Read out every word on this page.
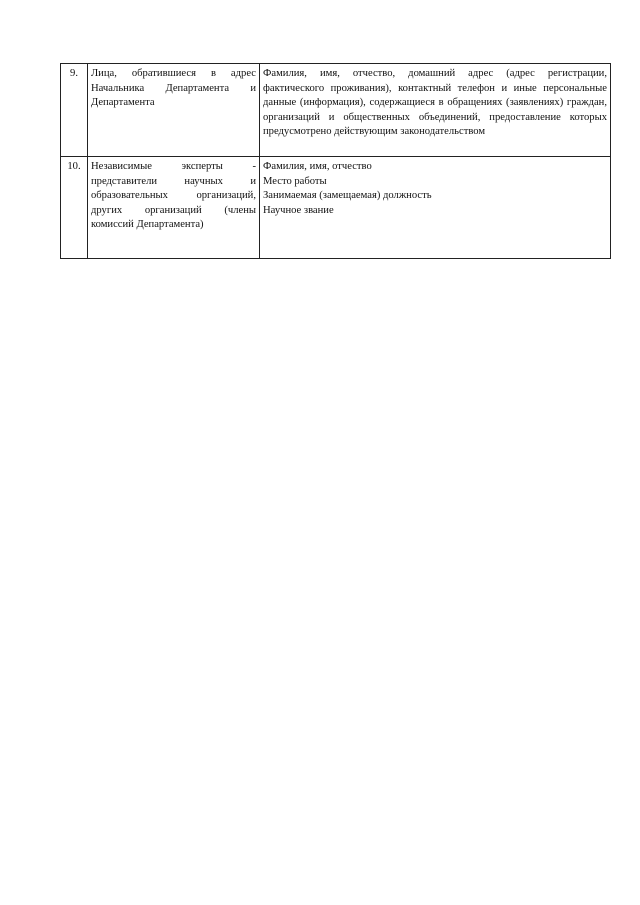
9.	Лица, обратившиеся в адрес Начальника Департамента и Департамента	Фамилия, имя, отчество, домашний адрес (адрес регистрации, фактического проживания), контактный телефон и иные персональные данные (информация), содержащиеся в обращениях (заявлениях) граждан, организаций и общественных объединений, предоставление которых предусмотрено действующим законодательством

10.	Независимые эксперты - представители научных и образовательных организаций, других организаций (члены комиссий Департамента)	Фамилия, имя, отчество
Место работы
Занимаемая (замещаемая) должность
Научное звание
